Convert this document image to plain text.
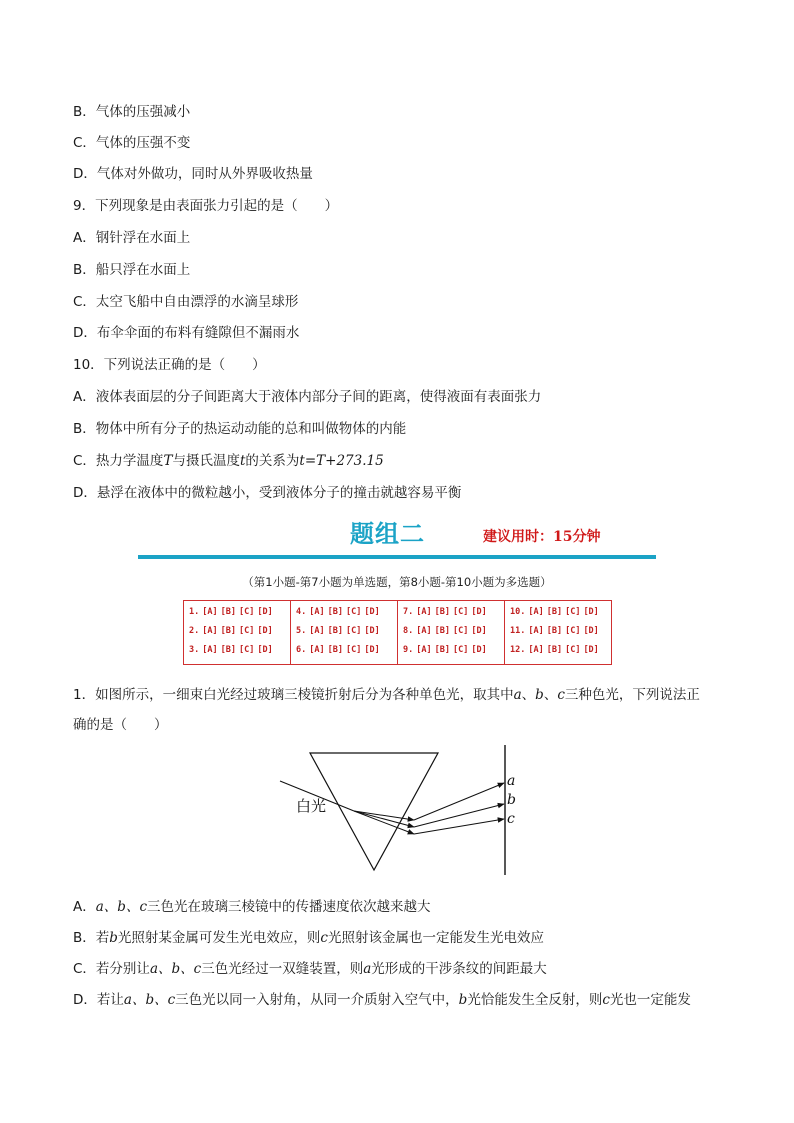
B．气体的压强减小
C．气体的压强不变
D．气体对外做功，同时从外界吸收热量
9．下列现象是由表面张力引起的是（　　）
A．钢针浮在水面上
B．船只浮在水面上
C．太空飞船中自由漂浮的水滴呈球形
D．布伞伞面的布料有缝隙但不漏雨水
10．下列说法正确的是（　　）
A．液体表面层的分子间距离大于液体内部分子间的距离，使得液面有表面张力
B．物体中所有分子的热运动动能的总和叫做物体的内能
C．热力学温度T与摄氏温度t的关系为t=T+273.15
D．悬浮在液体中的微粒越小，受到液体分子的撞击就越容易平衡
题组二	建议用时：15分钟
（第1小题-第7小题为单选题，第8小题-第10小题为多选题）
1. [A] [B] [C] [D]
2. [A] [B] [C] [D]
3. [A] [B] [C] [D]
4. [A] [B] [C] [D]
5. [A] [B] [C] [D]
6. [A] [B] [C] [D]
7. [A] [B] [C] [D]
8. [A] [B] [C] [D]
9. [A] [B] [C] [D]
10. [A] [B] [C] [D]
11. [A] [B] [C] [D]
12. [A] [B] [C] [D]
1．如图所示，一细束白光经过玻璃三棱镜折射后分为各种单色光，取其中a、b、c三种色光，下列说法正
确的是（　　）
白光
a
b
c
A．a、b、c三色光在玻璃三棱镜中的传播速度依次越来越大
B．若b光照射某金属可发生光电效应，则c光照射该金属也一定能发生光电效应
C．若分别让a、b、c三色光经过一双缝装置，则a光形成的干涉条纹的间距最大
D．若让a、b、c三色光以同一入射角，从同一介质射入空气中，b光恰能发生全反射，则c光也一定能发
